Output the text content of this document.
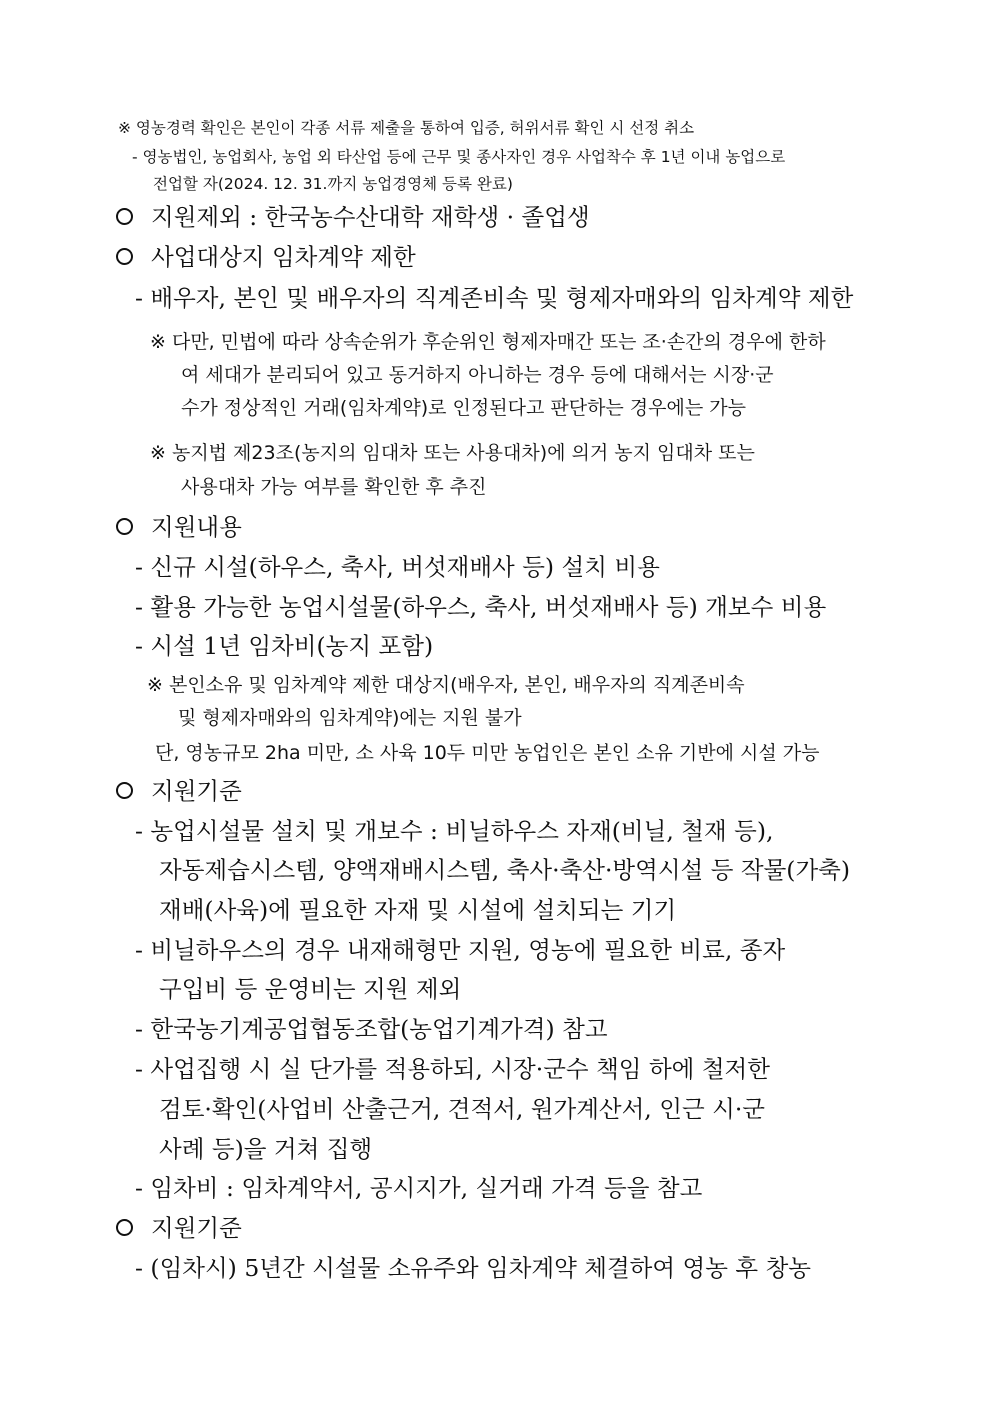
※ 영농경력 확인은 본인이 각종 서류 제출을 통하여 입증, 허위서류 확인 시 선정 취소
- 영농법인, 농업회사, 농업 외 타산업 등에 근무 및 종사자인 경우 사업착수 후 1년 이내 농업으로
전업할 자(2024. 12. 31.까지 농업경영체 등록 완료)
지원제외 : 한국농수산대학 재학생 · 졸업생
사업대상지 임차계약 제한
- 배우자, 본인 및 배우자의 직계존비속 및 형제자매와의 임차계약 제한
※ 다만, 민법에 따라 상속순위가 후순위인 형제자매간 또는 조·손간의 경우에 한하
여 세대가 분리되어 있고 동거하지 아니하는 경우 등에 대해서는 시장·군
수가 정상적인 거래(임차계약)로 인정된다고 판단하는 경우에는 가능
※ 농지법 제23조(농지의 임대차 또는 사용대차)에 의거 농지 임대차 또는
사용대차 가능 여부를 확인한 후 추진
지원내용
- 신규 시설(하우스, 축사, 버섯재배사 등) 설치 비용
- 활용 가능한 농업시설물(하우스, 축사, 버섯재배사 등) 개보수 비용
- 시설 1년 임차비(농지 포함)
※ 본인소유 및 임차계약 제한 대상지(배우자, 본인, 배우자의 직계존비속
및 형제자매와의 임차계약)에는 지원 불가
단, 영농규모 2ha 미만, 소 사육 10두 미만 농업인은 본인 소유 기반에 시설 가능
지원기준
- 농업시설물 설치 및 개보수 : 비닐하우스 자재(비닐, 철재 등),
자동제습시스템, 양액재배시스템, 축사·축산·방역시설 등 작물(가축)
재배(사육)에 필요한 자재 및 시설에 설치되는 기기
- 비닐하우스의 경우 내재해형만 지원, 영농에 필요한 비료, 종자
구입비 등 운영비는 지원 제외
- 한국농기계공업협동조합(농업기계가격) 참고
- 사업집행 시 실 단가를 적용하되, 시장·군수 책임 하에 철저한
검토·확인(사업비 산출근거, 견적서, 원가계산서, 인근 시·군
사례 등)을 거쳐 집행
- 임차비 : 임차계약서, 공시지가, 실거래 가격 등을 참고
지원기준
- (임차시) 5년간 시설물 소유주와 임차계약 체결하여 영농 후 창농
